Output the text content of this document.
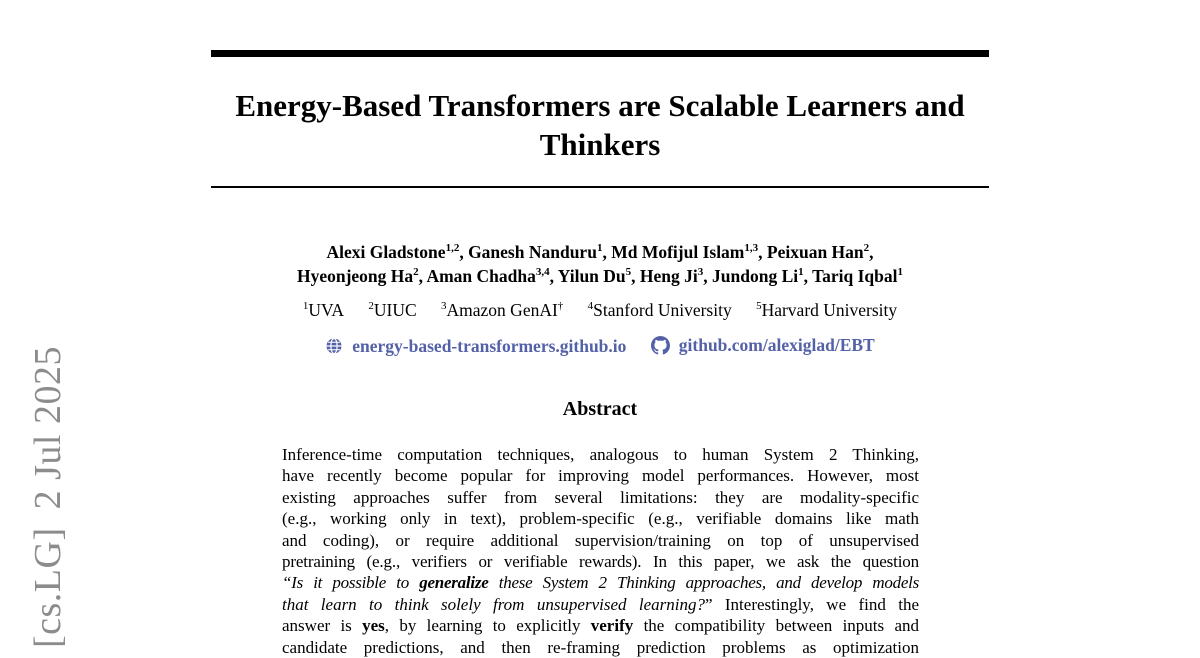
[cs.LG]2 Jul 2025
Energy-Based Transformers are Scalable Learners and Thinkers
Alexi Gladstone$^{1,2}$, Ganesh Nanduru$^1$, Md Mofijul Islam$^{1,3}$, Peixuan Han$^2$,
Hyeonjeong Ha$^2$, Aman Chadha$^{3,4}$, Yilun Du$^5$, Heng Ji$^3$, Jundong Li$^1$, Tariq Iqbal$^1$
$^1$UVA $^2$UIUC $^3$Amazon GenAI† $^4$Stanford University $^5$Harvard University
energy-based-transformers.github.io
	github.com/alexiglad/EBT
Abstract
Inference-time computation techniques, analogous to human System 2 Thinking,
have recently become popular for improving model performances. However, most
existing approaches suffer from several limitations: they are modality-specific
(e.g., working only in text), problem-specific (e.g., verifiable domains like math
and coding), or require additional supervision/training on top of unsupervised
pretraining (e.g., verifiers or verifiable rewards). In this paper, we ask the question
“Is it possible to generalize these System 2 Thinking approaches, and develop models
that learn to think solely from unsupervised learning?” Interestingly, we find the
answer is yes, by learning to explicitly verify the compatibility between inputs and
candidate predictions, and then re-framing prediction problems as optimization
